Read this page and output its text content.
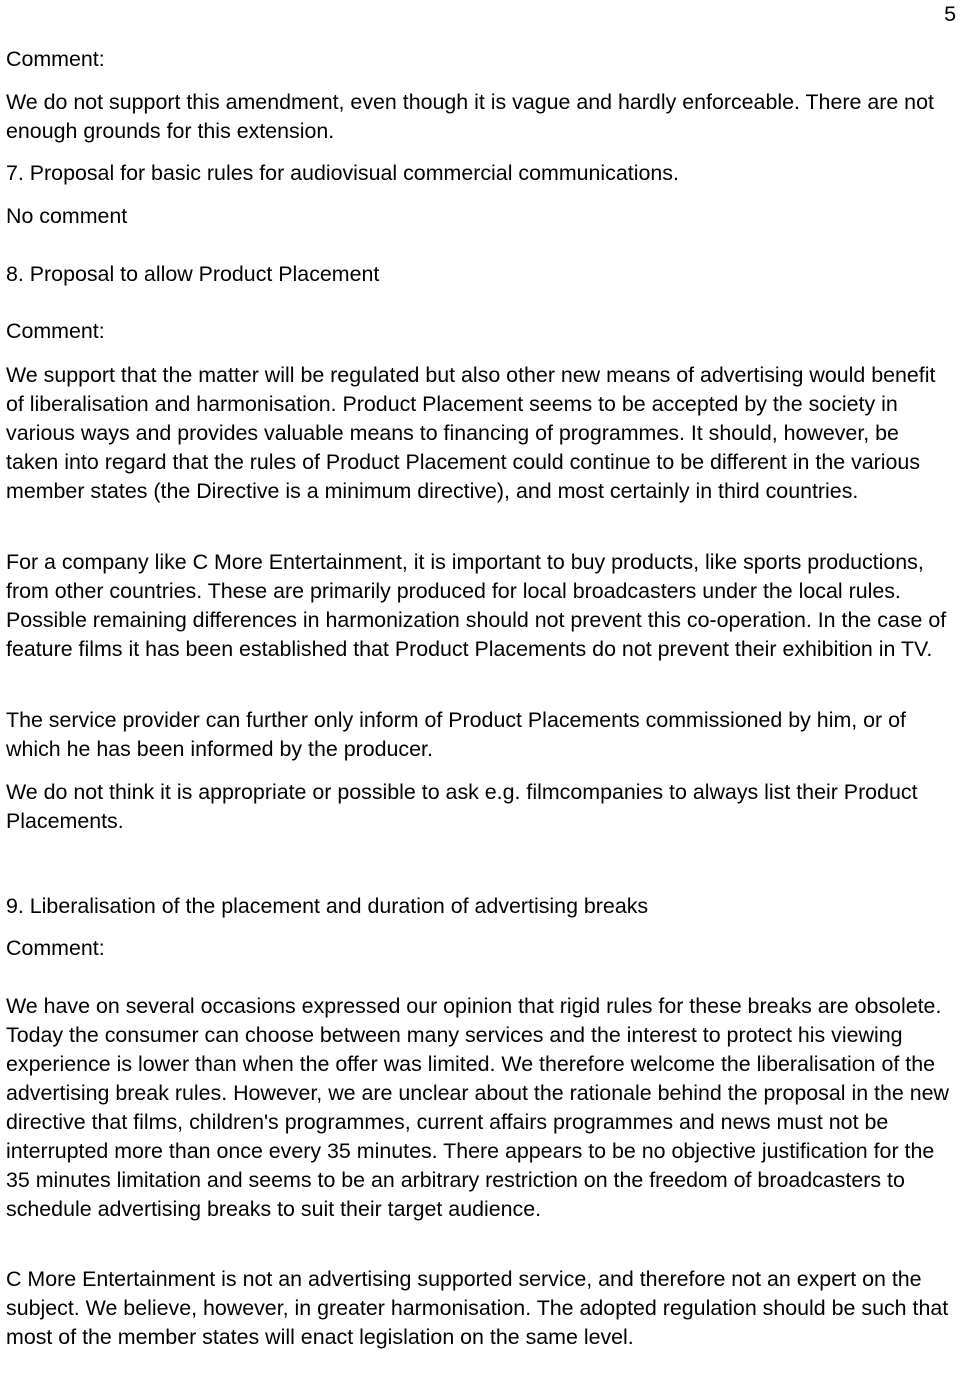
5

Comment:

We do not support this amendment, even though it is vague and hardly enforceable. There are not enough grounds for this extension.

7. Proposal for basic rules for audiovisual commercial communications.

No comment

8. Proposal to allow Product Placement

Comment:

We support that the matter will be regulated but also other new means of advertising would benefit of liberalisation and harmonisation. Product Placement seems to be accepted by the society in various ways and provides valuable means to financing of programmes. It should, however, be taken into regard that the rules of Product Placement could continue to be different in the various member states (the Directive is a minimum directive), and most certainly in third countries.

For a company like C More Entertainment, it is important to buy products, like sports productions, from other countries. These are primarily produced for local broadcasters under the local rules. Possible remaining differences in harmonization should not prevent this co-operation. In the case of feature films it has been established that Product Placements do not prevent their exhibition in TV.

The service provider can further only inform of Product Placements commissioned by him, or of which he has been informed by the producer.

We do not think it is appropriate or possible to ask e.g. filmcompanies to always list their Product Placements.

9. Liberalisation of the placement and duration of advertising breaks

Comment:

We have on several occasions expressed our opinion that rigid rules for these breaks are obsolete. Today the consumer can choose between many services and the interest to protect his viewing experience is lower than when the offer was limited. We therefore welcome the liberalisation of the advertising break rules. However, we are unclear about the rationale behind the proposal in the new directive that films, children's programmes, current affairs programmes and news must not be interrupted more than once every 35 minutes. There appears to be no objective justification for the 35 minutes limitation and seems to be an arbitrary restriction on the freedom of broadcasters to schedule advertising breaks to suit their target audience.

C More Entertainment is not an advertising supported service, and therefore not an expert on the subject. We believe, however, in greater harmonisation. The adopted regulation should be such that most of the member states will enact legislation on the same level.
